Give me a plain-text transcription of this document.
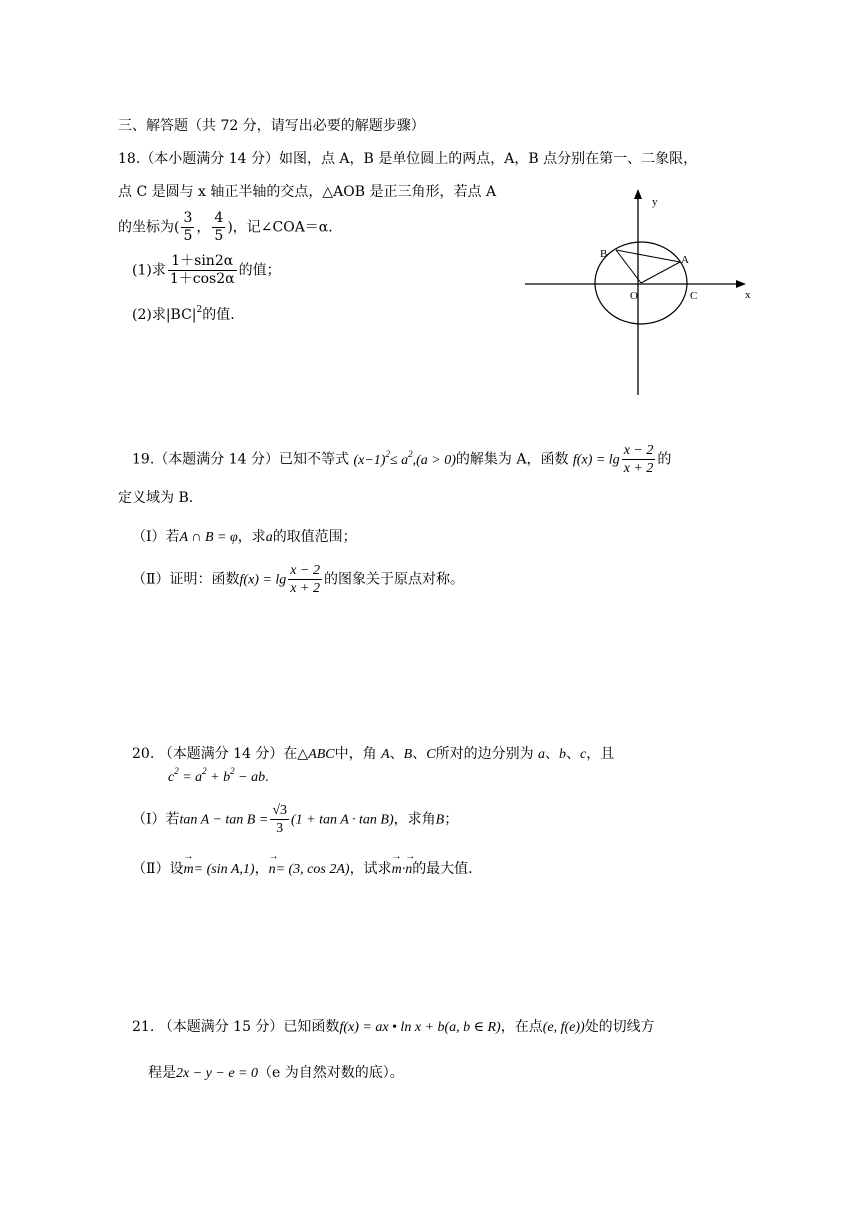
三、解答题（共 72 分，请写出必要的解题步骤）
18.（本小题满分 14 分）如图，点 A，B 是单位圆上的两点，A，B 点分别在第一、二象限，
点 C 是圆与 x 轴正半轴的交点，△AOB 是正三角形，若点 A
的坐标为( $\frac{3}{5}$ ， $\frac{4}{5}$ )，记∠COA＝α．
(1)求 $\frac{1+\sin 2\alpha}{1+\cos 2\alpha}$ 的值；
(2)求$|BC|^2$的值.
y
x
O
A
B
C
19.（本题满分 14 分）已知不等式 $(x-1)^2\le a^2,(a > 0)$的解集为 A，函数 $f(x) = \lg \frac{x - 2}{x + 2}$ 的
定义域为 B.
（Ⅰ）若A ∩ B = φ，求a的取值范围；
（Ⅱ）证明：函数$f(x) = \lg \frac{x - 2}{x + 2}$ 的图象关于原点对称。
20. （本题满分 14 分）在△ABC中，角 A、B、C所对的边分别为 a、b、c，且
$c^2 = a^2 + b^2$ − ab.
（Ⅰ）若$\tan A - \tan B = \frac{√3}{3} (1 + \tan A \cdot \tan B)$，求角B；
（Ⅱ）设→ m= (sin A,1)，→ n= (3, cos 2A)，试求→ m·→ n的最大值.
21. （本题满分 15 分）已知函数f(x) = ax • ln x + b(a, b ∈ R)，在点(e, f(e))处的切线方
程是2x − y − e = 0（e 为自然对数的底）。
